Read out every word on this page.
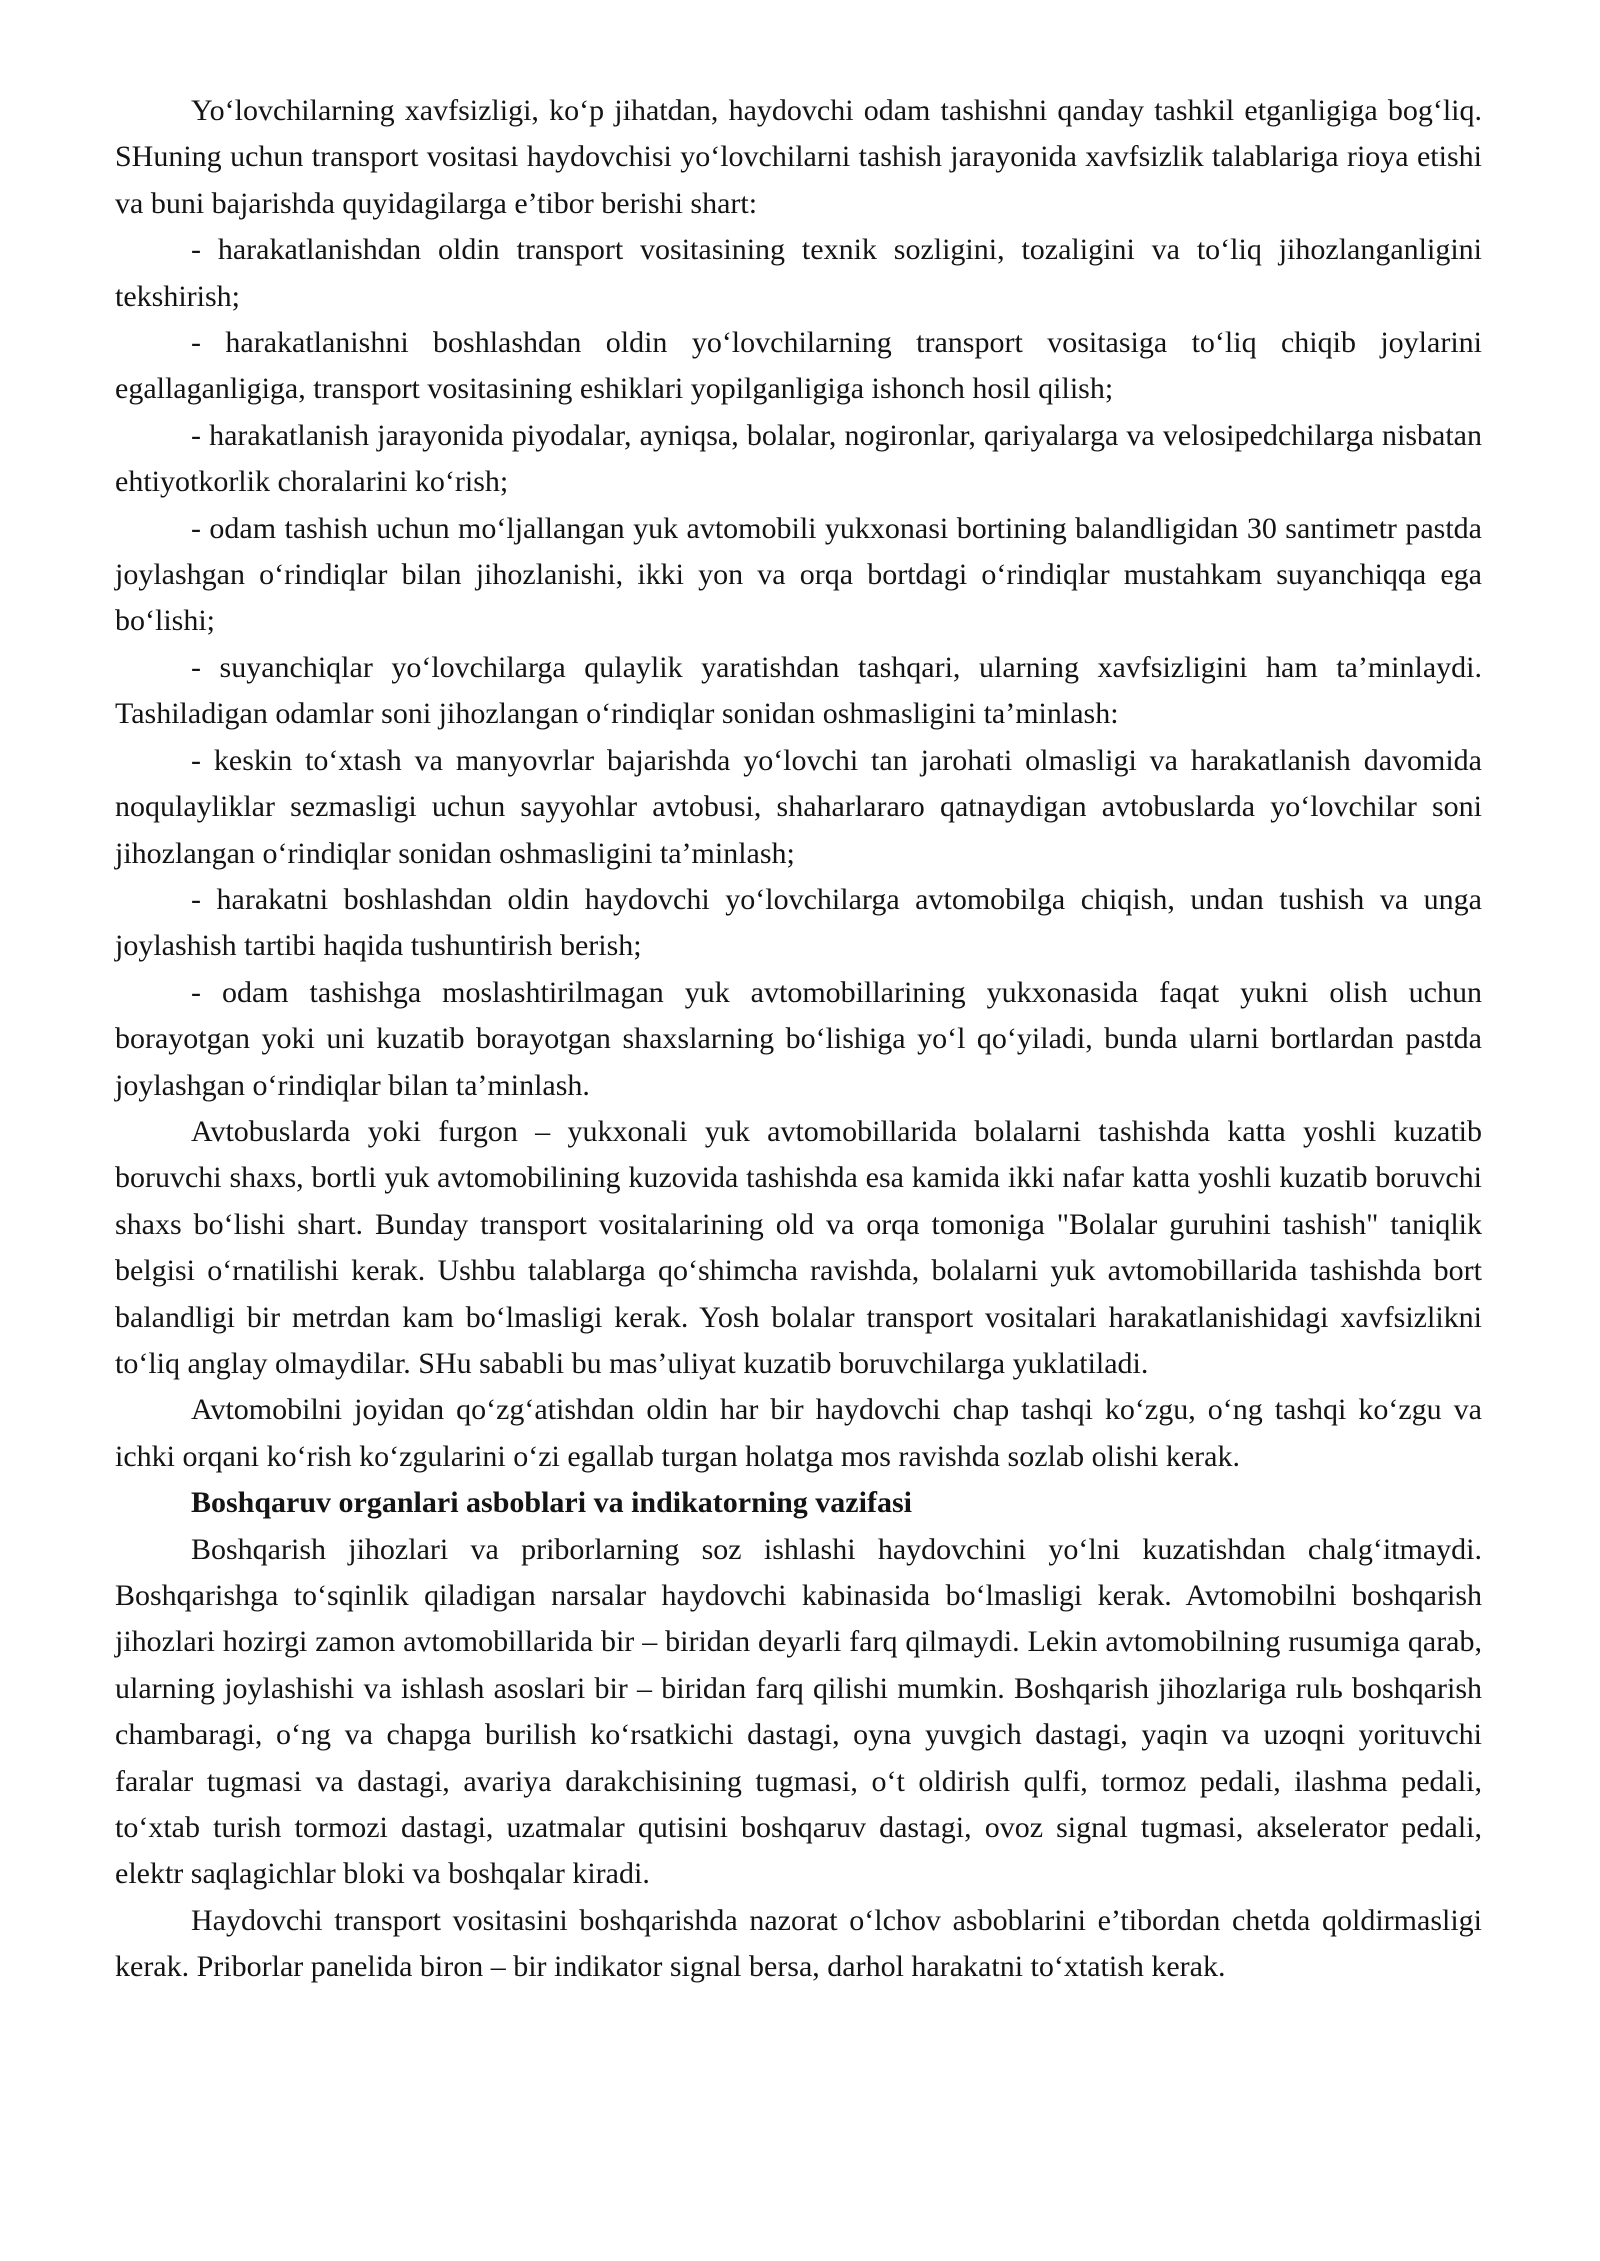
Yo‘lovchilarning xavfsizligi, ko‘p jihatdan, haydovchi odam tashishni qanday tashkil etganligiga bog‘liq. SHuning uchun transport vositasi haydovchisi yo‘lovchilarni tashish jarayonida xavfsizlik talablariga rioya etishi va buni bajarishda quyidagilarga e’tibor berishi shart:

- harakatlanishdan oldin transport vositasining texnik sozligini, tozaligini va to‘liq jihozlanganligini tekshirish;

- harakatlanishni boshlashdan oldin yo‘lovchilarning transport vositasiga to‘liq chiqib joylarini egallaganligiga, transport vositasining eshiklari yopilganligiga ishonch hosil qilish;

- harakatlanish jarayonida piyodalar, ayniqsa, bolalar, nogironlar, qariyalarga va velosipedchilarga nisbatan ehtiyotkorlik choralarini ko‘rish;

- odam tashish uchun mo‘ljallangan yuk avtomobili yukxonasi bortining balandligidan 30 santimetr pastda joylashgan o‘rindiqlar bilan jihozlanishi, ikki yon va orqa bortdagi o‘rindiqlar mustahkam suyanchiqqa ega bo‘lishi;

- suyanchiqlar yo‘lovchilarga qulaylik yaratishdan tashqari, ularning xavfsizligini ham ta’minlaydi. Tashiladigan odamlar soni jihozlangan o‘rindiqlar sonidan oshmasligini ta’minlash:

- keskin to‘xtash va manyovrlar bajarishda yo‘lovchi tan jarohati olmasligi va harakatlanish davomida noqulayliklar sezmasligi uchun sayyohlar avtobusi, shaharlararo qatnaydigan avtobuslarda yo‘lovchilar soni jihozlangan o‘rindiqlar sonidan oshmasligini ta’minlash;

- harakatni boshlashdan oldin haydovchi yo‘lovchilarga avtomobilga chiqish, undan tushish va unga joylashish tartibi haqida tushuntirish berish;

- odam tashishga moslashtirilmagan yuk avtomobillarining yukxonasida faqat yukni olish uchun borayotgan yoki uni kuzatib borayotgan shaxslarning bo‘lishiga yo‘l qo‘yiladi, bunda ularni bortlardan pastda joylashgan o‘rindiqlar bilan ta’minlash.

Avtobuslarda yoki furgon – yukxonali yuk avtomobillarida bolalarni tashishda katta yoshli kuzatib boruvchi shaxs, bortli yuk avtomobilining kuzovida tashishda esa kamida ikki nafar katta yoshli kuzatib boruvchi shaxs bo‘lishi shart. Bunday transport vositalarining old va orqa tomoniga "Bolalar guruhini tashish" taniqlik belgisi o‘rnatilishi kerak. Ushbu talablarga qo‘shimcha ravishda, bolalarni yuk avtomobillarida tashishda bort balandligi bir metrdan kam bo‘lmasligi kerak. Yosh bolalar transport vositalari harakatlanishidagi xavfsizlikni to‘liq anglay olmaydilar. SHu sababli bu mas’uliyat kuzatib boruvchilarga yuklatiladi.

Avtomobilni joyidan qo‘zg‘atishdan oldin har bir haydovchi chap tashqi ko‘zgu, o‘ng tashqi ko‘zgu va ichki orqani ko‘rish ko‘zgularini o‘zi egallab turgan holatga mos ravishda sozlab olishi kerak.

Boshqaruv organlari asboblari va indikatorning vazifasi

Boshqarish jihozlari va priborlarning soz ishlashi haydovchini yo‘lni kuzatishdan chalg‘itmaydi. Boshqarishga to‘sqinlik qiladigan narsalar haydovchi kabinasida bo‘lmasligi kerak. Avtomobilni boshqarish jihozlari hozirgi zamon avtomobillarida bir – biridan deyarli farq qilmaydi. Lekin avtomobilning rusumiga qarab, ularning joylashishi va ishlash asoslari bir – biridan farq qilishi mumkin. Boshqarish jihozlariga rulь boshqarish chambaragi, o‘ng va chapga burilish ko‘rsatkichi dastagi, oyna yuvgich dastagi, yaqin va uzoqni yorituvchi faralar tugmasi va dastagi, avariya darakchisining tugmasi, o‘t oldirish qulfi, tormoz pedali, ilashma pedali, to‘xtab turish tormozi dastagi, uzatmalar qutisini boshqaruv dastagi, ovoz signal tugmasi, akselerator pedali, elektr saqlagichlar bloki va boshqalar kiradi.

Haydovchi transport vositasini boshqarishda nazorat o‘lchov asboblarini e’tibordan chetda qoldirmasligi kerak. Priborlar panelida biron – bir indikator signal bersa, darhol harakatni to‘xtatish kerak.
